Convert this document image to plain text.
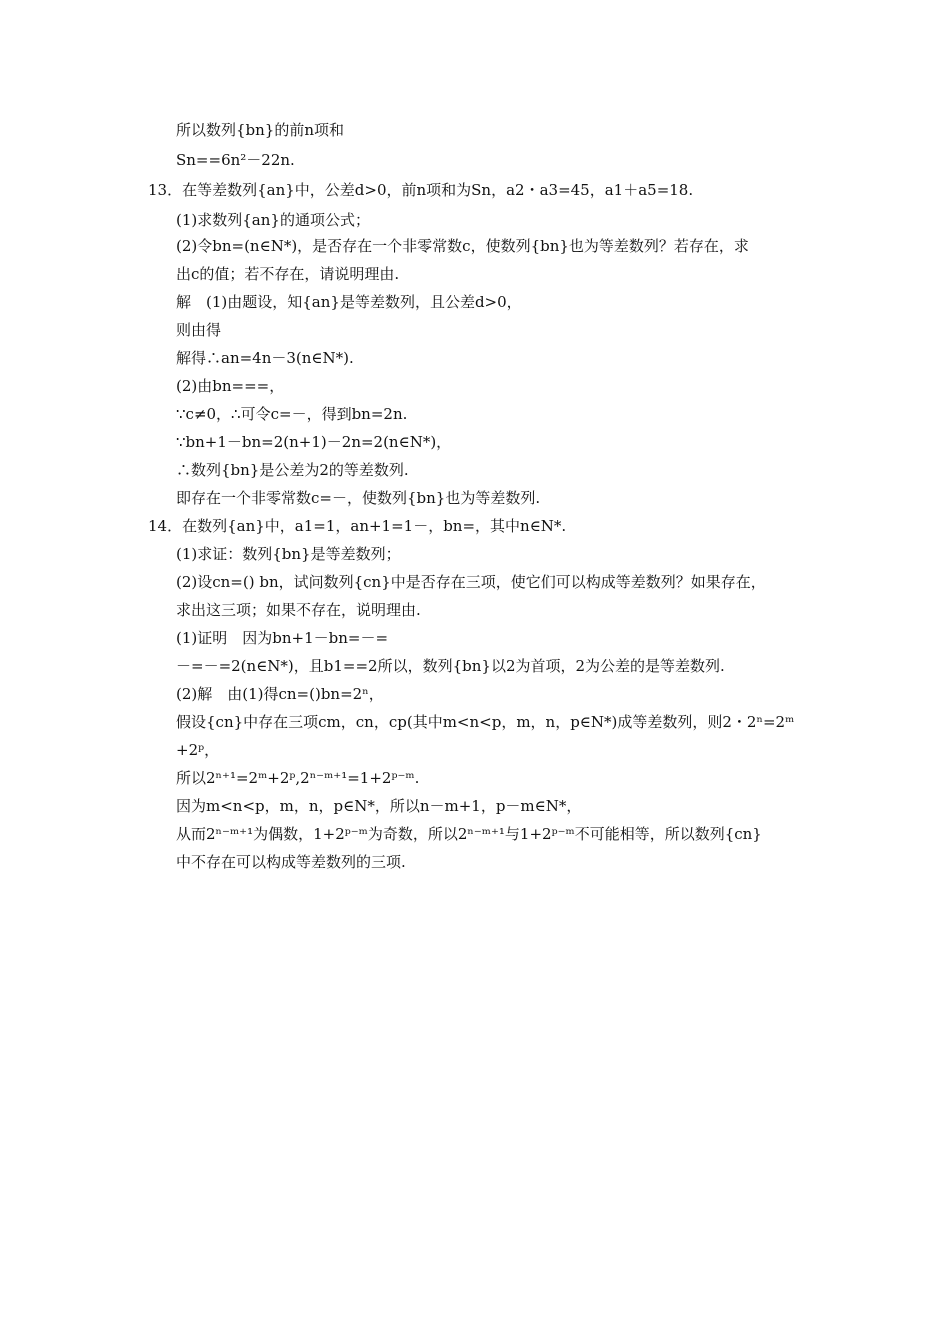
所以数列{bn}的前n项和
Sn==6n²－22n.
13．在等差数列{an}中，公差d>0，前n项和为Sn，a2・a3=45，a1＋a5=18.
(1)求数列{an}的通项公式；
(2)令bn=(n∈N*)，是否存在一个非零常数c，使数列{bn}也为等差数列？若存在，求
出c的值；若不存在，请说明理由.
解　(1)由题设，知{an}是等差数列，且公差d>0，
则由得
解得∴an=4n－3(n∈N*).
(2)由bn===，
∵c≠0，∴可令c=－，得到bn=2n.
∵bn+1－bn=2(n+1)－2n=2(n∈N*)，
∴数列{bn}是公差为2的等差数列.
即存在一个非零常数c=－，使数列{bn}也为等差数列.
14．在数列{an}中，a1=1，an+1=1－，bn=，其中n∈N*.
(1)求证：数列{bn}是等差数列；
(2)设cn=() bn，试问数列{cn}中是否存在三项，使它们可以构成等差数列？如果存在，
求出这三项；如果不存在，说明理由.
(1)证明　因为bn+1－bn=－=
－=－=2(n∈N*)，且b1==2所以，数列{bn}以2为首项，2为公差的是等差数列.
(2)解　由(1)得cn=()bn=2ⁿ，
假设{cn}中存在三项cm，cn，cp(其中m<n<p，m，n，p∈N*)成等差数列，则2・2ⁿ=2ᵐ
+2ᵖ，
所以2ⁿ⁺¹=2ᵐ+2ᵖ,2ⁿ⁻ᵐ⁺¹=1+2ᵖ⁻ᵐ.
因为m<n<p，m，n，p∈N*，所以n－m+1，p－m∈N*，
从而2ⁿ⁻ᵐ⁺¹为偶数，1+2ᵖ⁻ᵐ为奇数，所以2ⁿ⁻ᵐ⁺¹与1+2ᵖ⁻ᵐ不可能相等，所以数列{cn}
中不存在可以构成等差数列的三项.
